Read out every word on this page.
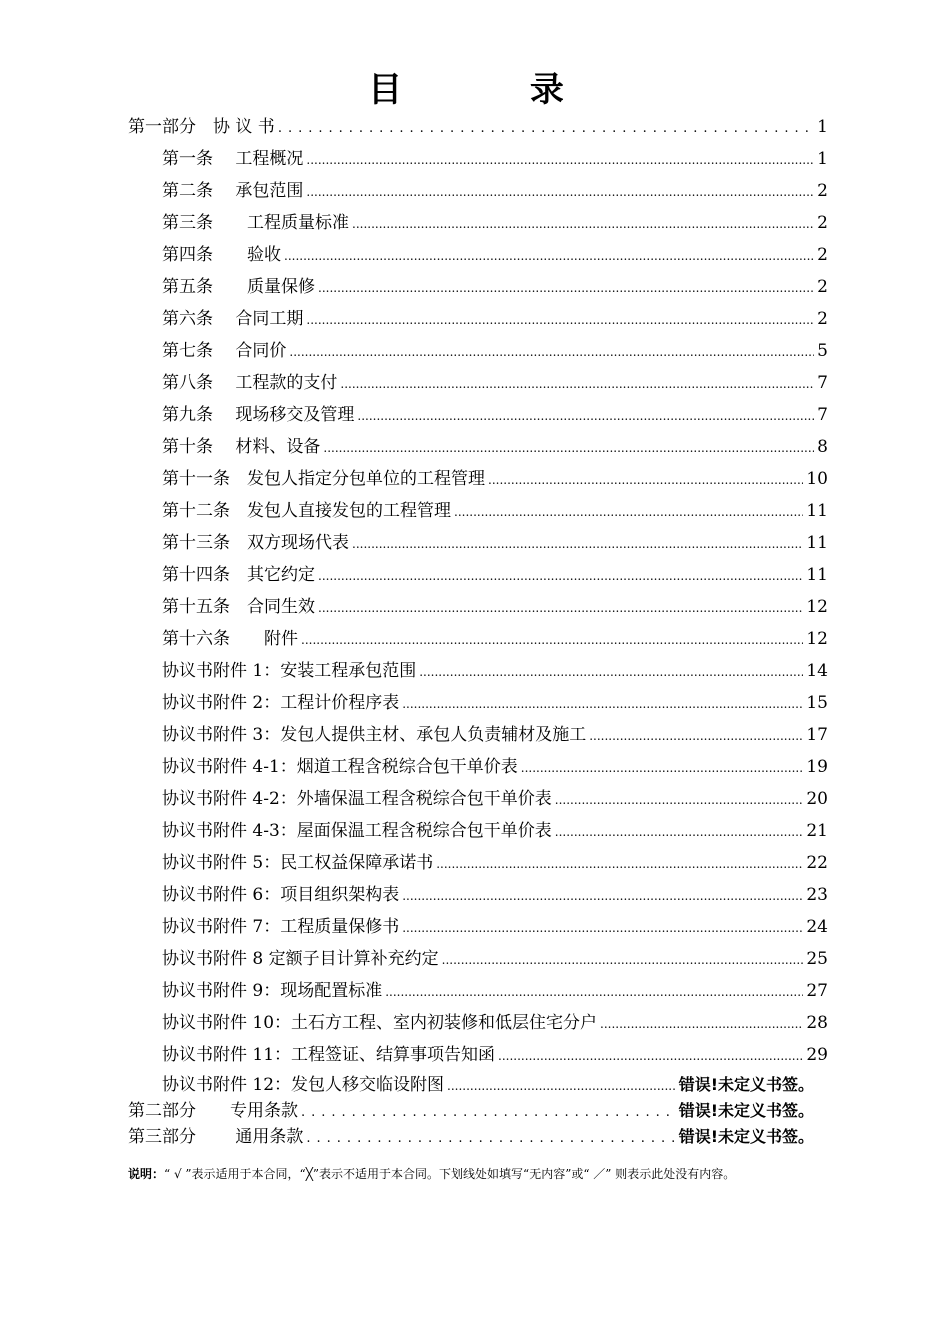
目 录
第一部分　协 议 书 .....	1
第一条　 工程概况 .....	1
第二条　 承包范围 .....	2
第三条　　工程质量标准 .....	2
第四条　　验收 .....	2
第五条　　质量保修 .....	2
第六条　 合同工期 .....	2
第七条　 合同价 .....	5
第八条　 工程款的支付 .....	7
第九条　 现场移交及管理 .....	7
第十条　 材料、设备 .....	8
第十一条　发包人指定分包单位的工程管理 .....	10
第十二条　发包人直接发包的工程管理 .....	11
第十三条　双方现场代表 .....	11
第十四条　其它约定 .....	11
第十五条　合同生效 .....	12
第十六条　　附件 .....	12
协议书附件 1：安装工程承包范围 .....	14
协议书附件 2：工程计价程序表 .....	15
协议书附件 3：发包人提供主材、承包人负责辅材及施工 .....	17
协议书附件 4-1：烟道工程含税综合包干单价表 .....	19
协议书附件 4-2：外墙保温工程含税综合包干单价表 .....	20
协议书附件 4-3：屋面保温工程含税综合包干单价表 .....	21
协议书附件 5：民工权益保障承诺书 .....	22
协议书附件 6：项目组织架构表 .....	23
协议书附件 7：工程质量保修书 .....	24
协议书附件 8 定额子目计算补充约定 .....	25
协议书附件 9：现场配置标准 .....	27
协议书附件 10：土石方工程、室内初装修和低层住宅分户 .....	28
协议书附件 11：工程签证、结算事项告知函 .....	29
协议书附件 12：发包人移交临设附图 .....	错误!未定义书签。
第二部分　　专用条款 .....	错误!未定义书签。
第三部分　　 通用条款 .....	错误!未定义书签。
说明：“ √ ”表示适用于本合同，“╳”表示不适用于本合同。下划线处如填写“无内容”或“ ／” 则表示此处没有内容。
